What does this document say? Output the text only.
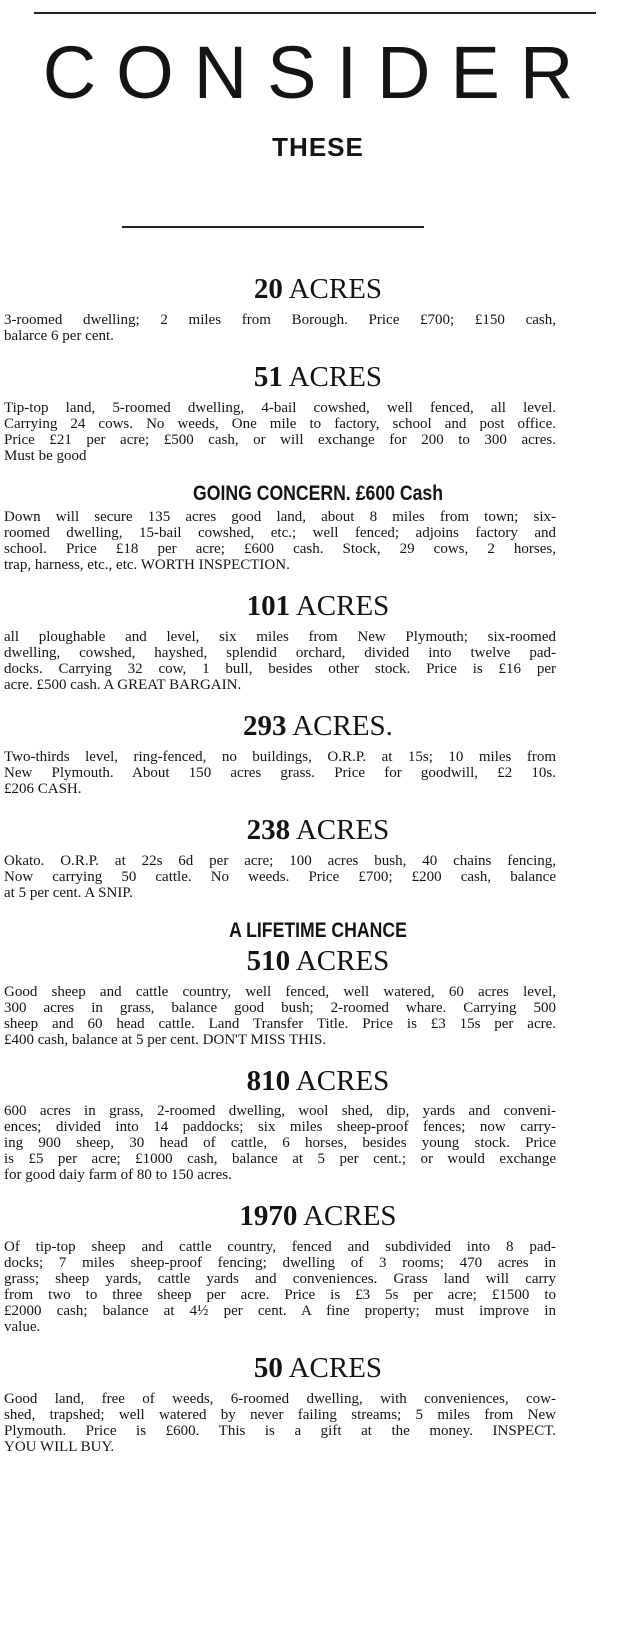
CONSIDER
THESE
20 ACRES
3-roomed dwelling; 2 miles from Borough. Price £700; £150 cash,
balarce 6 per cent.
51 ACRES
Tip-top land, 5-roomed dwelling, 4-bail cowshed, well fenced, all level.
Carrying 24 cows. No weeds, One mile to factory, school and post office.
Price £21 per acre; £500 cash, or will exchange for 200 to 300 acres.
Must be good
GOING CONCERN. £600 Cash
Down will secure 135 acres good land, about 8 miles from town; six-
roomed dwelling, 15-bail cowshed, etc.; well fenced; adjoins factory and
school. Price £18 per acre; £600 cash. Stock, 29 cows, 2 horses,
trap, harness, etc., etc. WORTH INSPECTION.
101 ACRES
all ploughable and level, six miles from New Plymouth; six-roomed
dwelling, cowshed, hayshed, splendid orchard, divided into twelve pad-
docks. Carrying 32 cow, 1 bull, besides other stock. Price is £16 per
acre. £500 cash. A GREAT BARGAIN.
293 ACRES.
Two-thirds level, ring-fenced, no buildings, O.R.P. at 15s; 10 miles from
New Plymouth. About 150 acres grass. Price for goodwill, £2 10s.
£206 CASH.
238 ACRES
Okato. O.R.P. at 22s 6d per acre; 100 acres bush, 40 chains fencing,
Now carrying 50 cattle. No weeds. Price £700; £200 cash, balance
at 5 per cent. A SNIP.
A LIFETIME CHANCE
510 ACRES
Good sheep and cattle country, well fenced, well watered, 60 acres level,
300 acres in grass, balance good bush; 2-roomed whare. Carrying 500
sheep and 60 head cattle. Land Transfer Title. Price is £3 15s per acre.
£400 cash, balance at 5 per cent. DON'T MISS THIS.
810 ACRES
600 acres in grass, 2-roomed dwelling, wool shed, dip, yards and conveni-
ences; divided into 14 paddocks; six miles sheep-proof fences; now carry-
ing 900 sheep, 30 head of cattle, 6 horses, besides young stock. Price
is £5 per acre; £1000 cash, balance at 5 per cent.; or would exchange
for good daiy farm of 80 to 150 acres.
1970 ACRES
Of tip-top sheep and cattle country, fenced and subdivided into 8 pad-
docks; 7 miles sheep-proof fencing; dwelling of 3 rooms; 470 acres in
grass; sheep yards, cattle yards and conveniences. Grass land will carry
from two to three sheep per acre. Price is £3 5s per acre; £1500 to
£2000 cash; balance at 4½ per cent. A fine property; must improve in
value.
50 ACRES
Good land, free of weeds, 6-roomed dwelling, with conveniences, cow-
shed, trapshed; well watered by never failing streams; 5 miles from New
Plymouth. Price is £600. This is a gift at the money. INSPECT.
YOU WILL BUY.
